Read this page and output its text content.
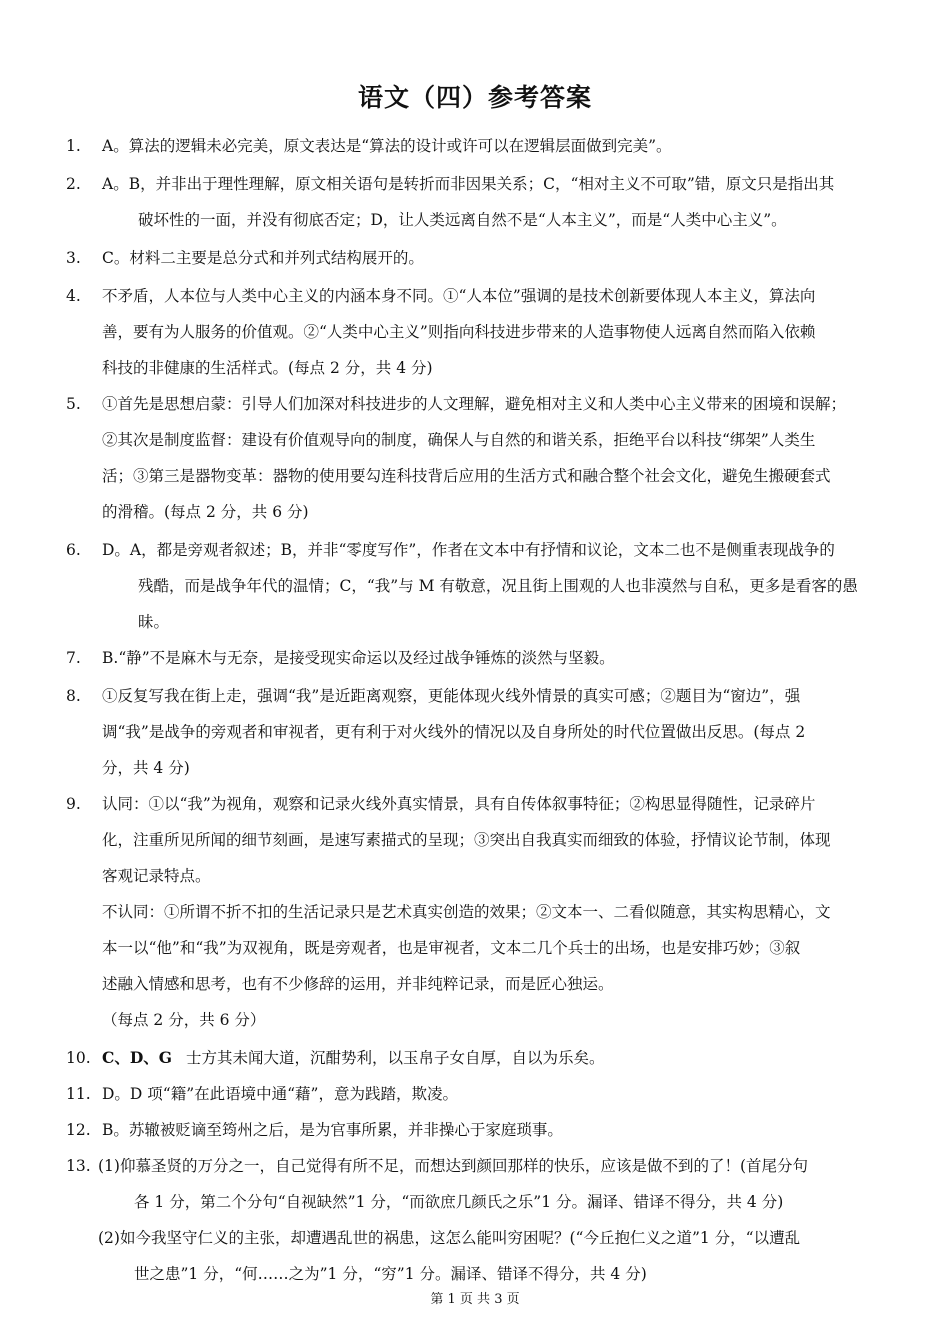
语文（四）参考答案
1. A。算法的逻辑未必完美，原文表达是“算法的设计或许可以在逻辑层面做到完美”。
2. A。B，并非出于理性理解，原文相关语句是转折而非因果关系；C，“相对主义不可取”错，原文只是指出其
破坏性的一面，并没有彻底否定；D，让人类远离自然不是“人本主义”，而是“人类中心主义”。
3. C。材料二主要是总分式和并列式结构展开的。
4. 不矛盾，人本位与人类中心主义的内涵本身不同。①“人本位”强调的是技术创新要体现人本主义，算法向
善，要有为人服务的价值观。②“人类中心主义”则指向科技进步带来的人造事物使人远离自然而陷入依赖
科技的非健康的生活样式。(每点 2 分，共 4 分)
5. ①首先是思想启蒙：引导人们加深对科技进步的人文理解，避免相对主义和人类中心主义带来的困境和误解；
②其次是制度监督：建设有价值观导向的制度，确保人与自然的和谐关系，拒绝平台以科技“绑架”人类生
活；③第三是器物变革：器物的使用要勾连科技背后应用的生活方式和融合整个社会文化，避免生搬硬套式
的滑稽。(每点 2 分，共 6 分)
6. D。A，都是旁观者叙述；B，并非“零度写作”，作者在文本中有抒情和议论，文本二也不是侧重表现战争的
残酷，而是战争年代的温情；C，“我”与 M 有敬意，况且街上围观的人也非漠然与自私，更多是看客的愚昧。
7. B.“静”不是麻木与无奈，是接受现实命运以及经过战争锤炼的淡然与坚毅。
8. ①反复写我在街上走，强调“我”是近距离观察，更能体现火线外情景的真实可感；②题目为“窗边”，强
调“我”是战争的旁观者和审视者，更有利于对火线外的情况以及自身所处的时代位置做出反思。(每点 2
分，共 4 分)
9. 认同：①以“我”为视角，观察和记录火线外真实情景，具有自传体叙事特征；②构思显得随性，记录碎片
化，注重所见所闻的细节刻画，是速写素描式的呈现；③突出自我真实而细致的体验，抒情议论节制，体现
客观记录特点。
不认同：①所谓不折不扣的生活记录只是艺术真实创造的效果；②文本一、二看似随意，其实构思精心，文
本一以“他”和“我”为双视角，既是旁观者，也是审视者，文本二几个兵士的出场，也是安排巧妙；③叙
述融入情感和思考，也有不少修辞的运用，并非纯粹记录，而是匠心独运。
（每点 2 分，共 6 分）
10. C、D、G 士方其未闻大道，沉酣势利，以玉帛子女自厚，自以为乐矣。
11. D。D 项“籍”在此语境中通“藉”，意为践踏，欺凌。
12. B。苏辙被贬谪至筠州之后，是为官事所累，并非操心于家庭琐事。
13. (1)仰慕圣贤的万分之一，自己觉得有所不足，而想达到颜回那样的快乐，应该是做不到的了！(首尾分句
各 1 分，第二个分句“自视缺然”1 分，“而欲庶几颜氏之乐”1 分。漏译、错译不得分，共 4 分)
(2)如今我坚守仁义的主张，却遭遇乱世的祸患，这怎么能叫穷困呢？(“今丘抱仁义之道”1 分，“以遭乱
世之患”1 分，“何……之为”1 分，“穷”1 分。漏译、错译不得分，共 4 分)
第 1 页 共 3 页
